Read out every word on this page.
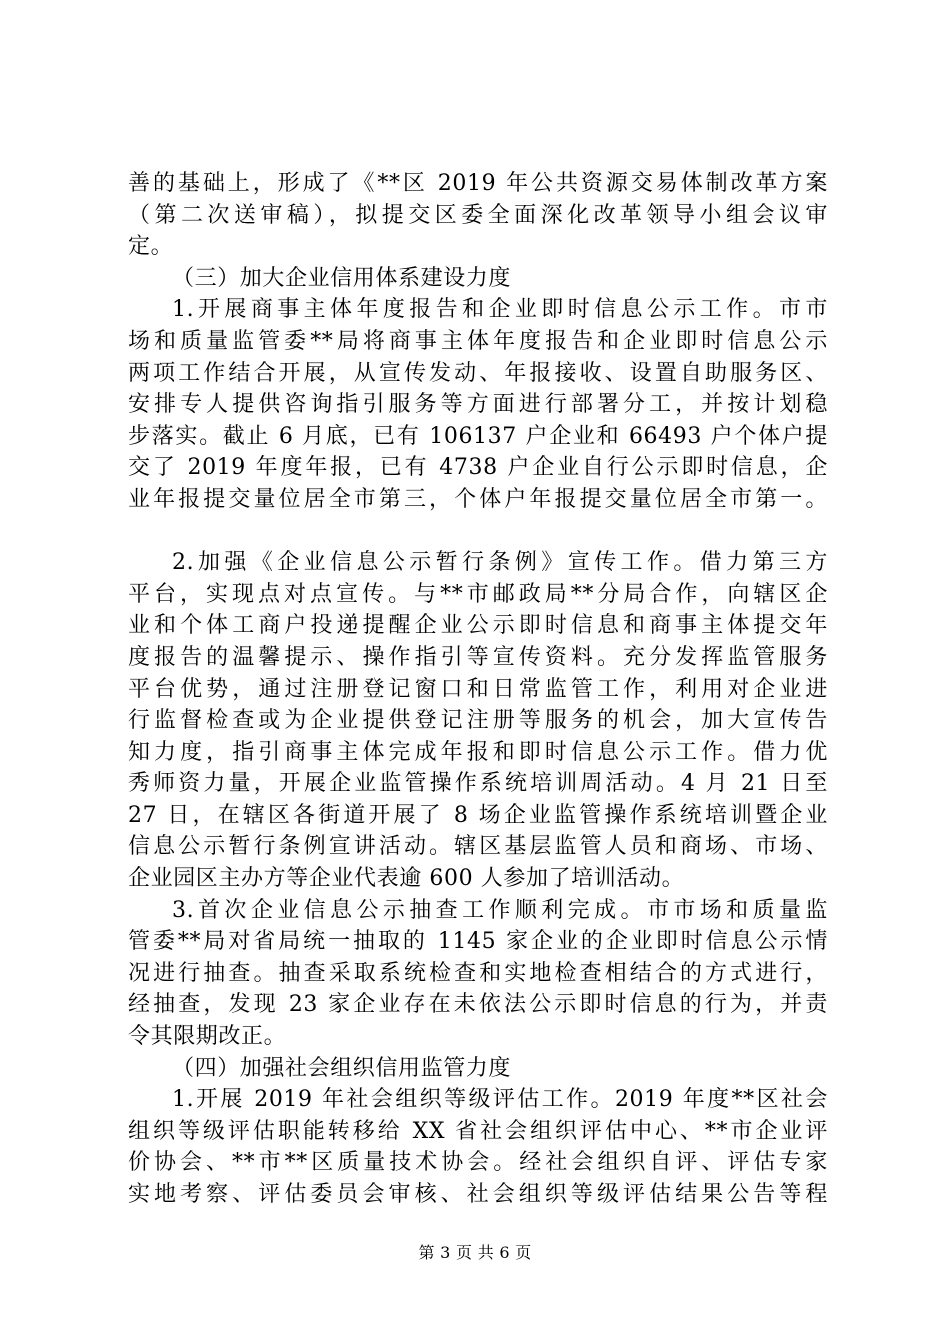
善的基础上，形成了《**区 2019 年公共资源交易体制改革方案
（第二次送审稿），拟提交区委全面深化改革领导小组会议审
定。
（三）加大企业信用体系建设力度
1.开展商事主体年度报告和企业即时信息公示工作。市市
场和质量监管委**局将商事主体年度报告和企业即时信息公示
两项工作结合开展，从宣传发动、年报接收、设置自助服务区、
安排专人提供咨询指引服务等方面进行部署分工，并按计划稳
步落实。截止 6 月底，已有 106137 户企业和 66493 户个体户提
交了 2019 年度年报，已有 4738 户企业自行公示即时信息，企
业年报提交量位居全市第三，个体户年报提交量位居全市第一。
2.加强《企业信息公示暂行条例》宣传工作。借力第三方
平台，实现点对点宣传。与**市邮政局**分局合作，向辖区企
业和个体工商户投递提醒企业公示即时信息和商事主体提交年
度报告的温馨提示、操作指引等宣传资料。充分发挥监管服务
平台优势，通过注册登记窗口和日常监管工作，利用对企业进
行监督检查或为企业提供登记注册等服务的机会，加大宣传告
知力度，指引商事主体完成年报和即时信息公示工作。借力优
秀师资力量，开展企业监管操作系统培训周活动。4 月 21 日至
27 日，在辖区各街道开展了 8 场企业监管操作系统培训暨企业
信息公示暂行条例宣讲活动。辖区基层监管人员和商场、市场、
企业园区主办方等企业代表逾 600 人参加了培训活动。
3.首次企业信息公示抽查工作顺利完成。市市场和质量监
管委**局对省局统一抽取的 1145 家企业的企业即时信息公示情
况进行抽查。抽查采取系统检查和实地检查相结合的方式进行，
经抽查，发现 23 家企业存在未依法公示即时信息的行为，并责
令其限期改正。
（四）加强社会组织信用监管力度
1.开展 2019 年社会组织等级评估工作。2019 年度**区社会
组织等级评估职能转移给 XX 省社会组织评估中心、**市企业评
价协会、**市**区质量技术协会。经社会组织自评、评估专家
实地考察、评估委员会审核、社会组织等级评估结果公告等程
第 3 页 共 6 页
